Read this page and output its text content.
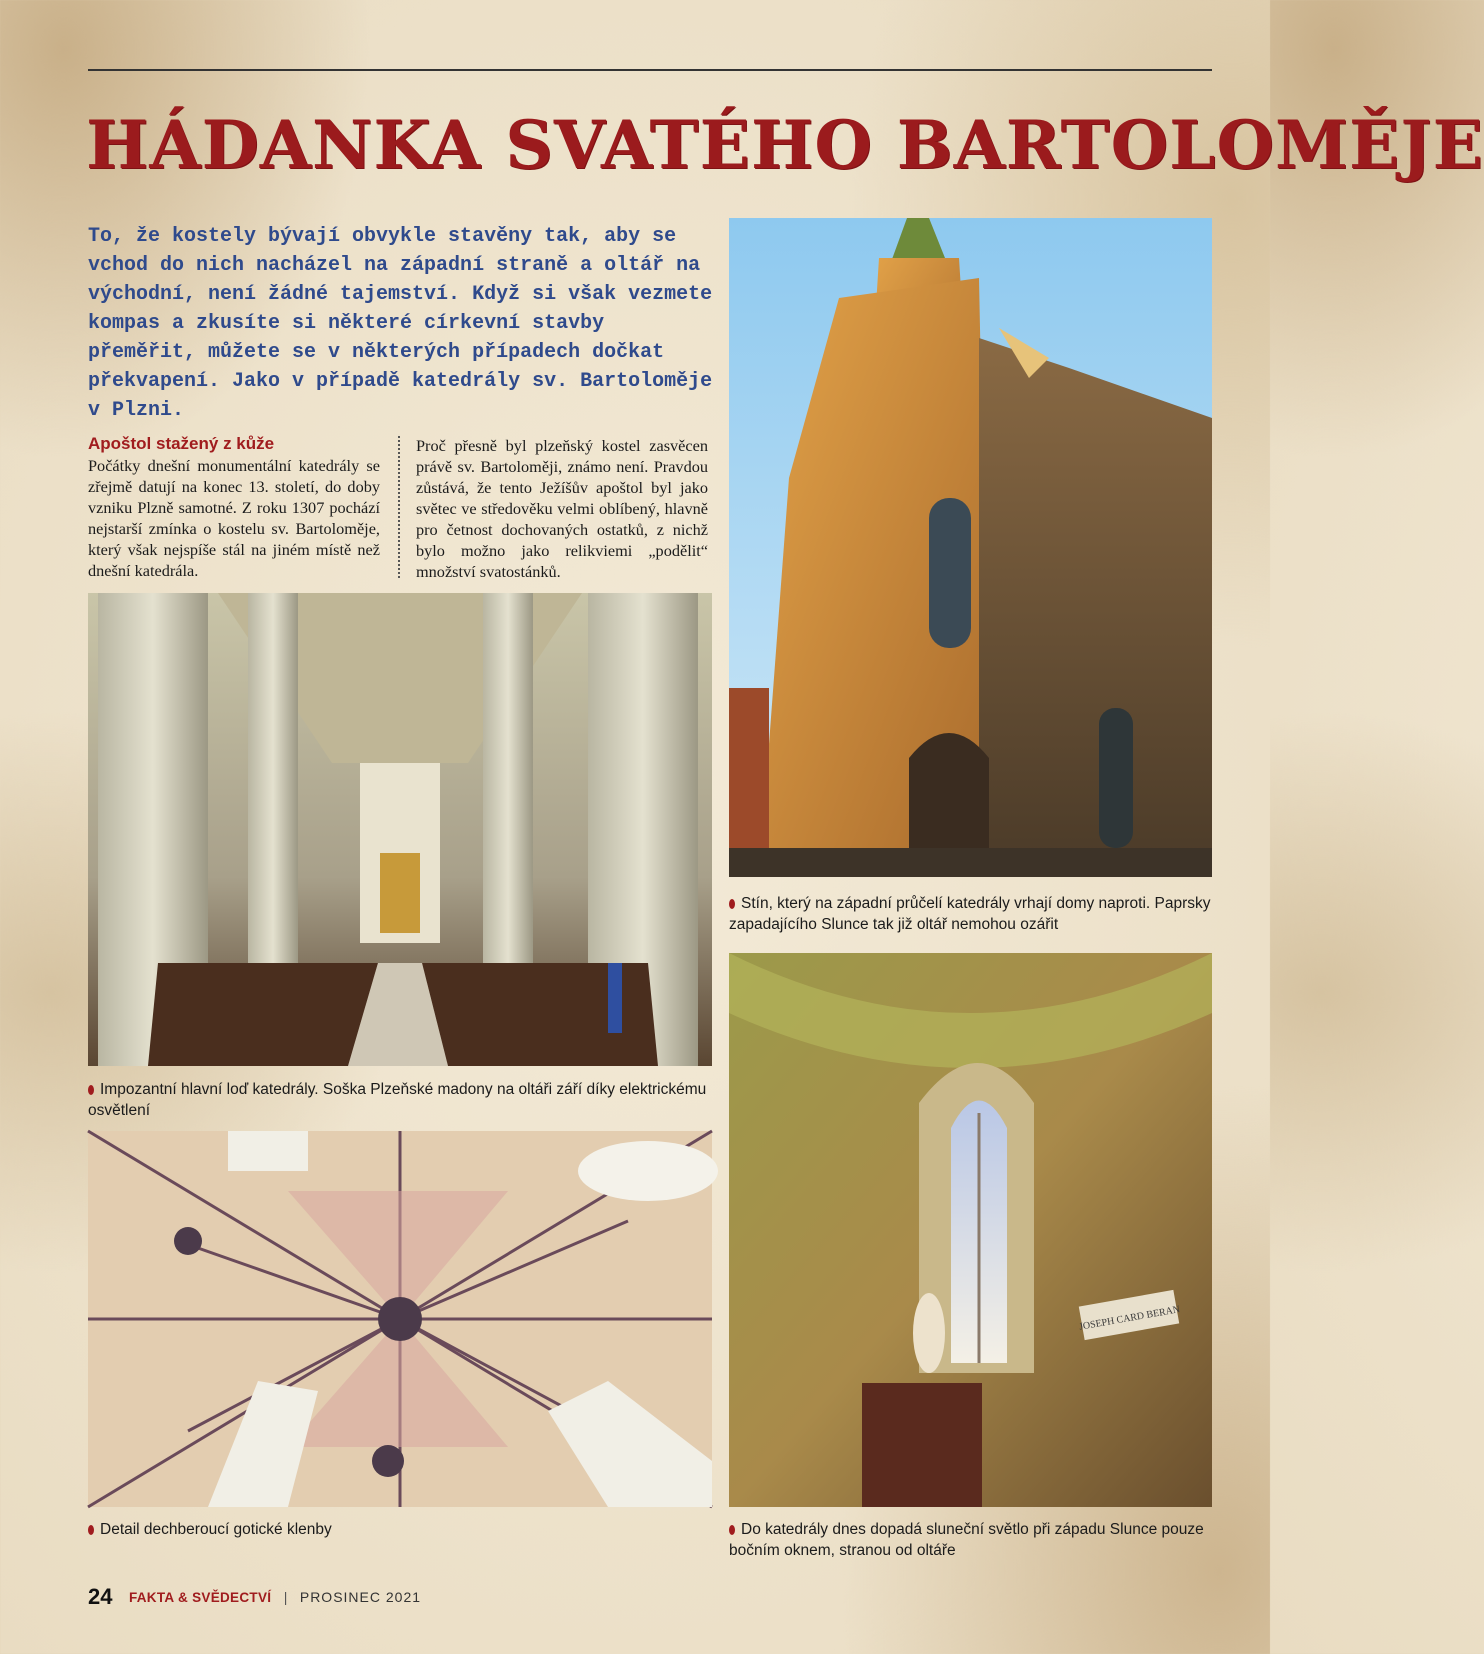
HÁDANKA SVATÉHO BARTOLOMĚJE

To, že kostely bývají obvykle stavěny tak, aby se vchod do nich nacházel na západní straně a oltář na východní, není žádné tajemství. Když si však vezmete kompas a zkusíte si některé církevní stavby přeměřit, můžete se v některých případech dočkat překvapení. Jako v případě katedrály sv. Bartoloměje v Plzni.

Apoštol stažený z kůže

Počátky dnešní monumentální katedrály se zřejmě datují na konec 13. století, do doby vzniku Plzně samotné. Z roku 1307 pochází nejstarší zmínka o kostelu sv. Bartoloměje, který však nejspíše stál na jiném místě než dnešní katedrála.

Proč přesně byl plzeňský kostel zasvěcen právě sv. Bartoloměji, známo není. Pravdou zůstává, že tento Ježíšův apoštol byl jako světec ve středověku velmi oblíbený, hlavně pro četnost dochovaných ostatků, z nichž bylo možno jako relikviemi „podělit“ množství svatostánků.

Stín, který na západní průčelí katedrály vrhají domy naproti. Paprsky zapadajícího Slunce tak již oltář nemohou ozářit
Impozantní hlavní loď katedrály. Soška Plzeňské madony na oltáři září díky elektrickému osvětlení
Detail dechberoucí gotické klenby
JOSEPH CARD BERAN
Do katedrály dnes dopadá sluneční světlo při západu Slunce pouze bočním oknem, stranou od oltáře
24 FAKTA & SVĚDECTVÍ | PROSINEC 2021
